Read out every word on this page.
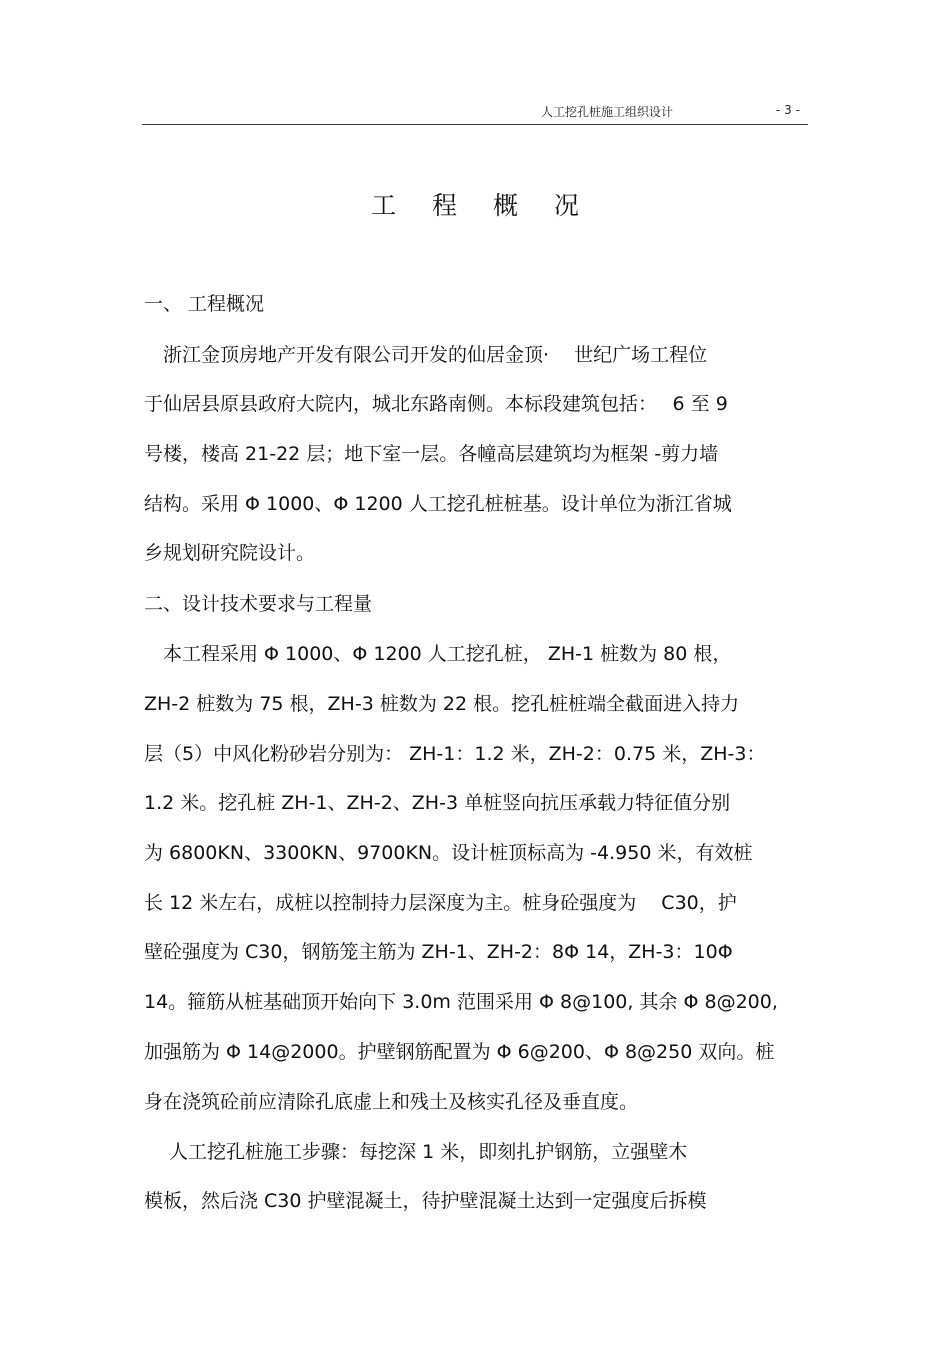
人工挖孔桩施工组织设计	- 3 -
工 程 概 况
一、 工程概况
　浙江金顶房地产开发有限公司开发的仙居金顶·　 世纪广场工程位
于仙居县原县政府大院内，城北东路南侧。本标段建筑包括：　 6 至 9
号楼，楼高 21-22 层；地下室一层。各幢高层建筑均为框架 -剪力墙
结构。采用 Φ 1000、Φ 1200 人工挖孔桩桩基。设计单位为浙江省城
乡规划研究院设计。
二、设计技术要求与工程量
　本工程采用 Φ 1000、Φ 1200 人工挖孔桩， ZH-1 桩数为 80 根，
ZH-2 桩数为 75 根，ZH-3 桩数为 22 根。挖孔桩桩端全截面进入持力
层（5）中风化粉砂岩分别为： ZH-1：1.2 米，ZH-2：0.75 米，ZH-3：
1.2 米。挖孔桩 ZH-1、ZH-2、ZH-3 单桩竖向抗压承载力特征值分别
为 6800KN、3300KN、9700KN。设计桩顶标高为 -4.950 米，有效桩
长 12 米左右，成桩以控制持力层深度为主。桩身砼强度为　 C30，护
壁砼强度为 C30，钢筋笼主筋为 ZH-1、ZH-2：8Φ 14，ZH-3：10Φ
14。箍筋从桩基础顶开始向下 3.0m 范围采用 Φ 8@100, 其余 Φ 8@200,
加强筋为 Φ 14@2000。护壁钢筋配置为 Φ 6@200、Φ 8@250 双向。桩
身在浇筑砼前应清除孔底虚上和残土及核实孔径及垂直度。
　 人工挖孔桩施工步骤：每挖深 1 米，即刻扎护钢筋，立强壁木
模板，然后浇 C30 护壁混凝土，待护壁混凝土达到一定强度后拆模
